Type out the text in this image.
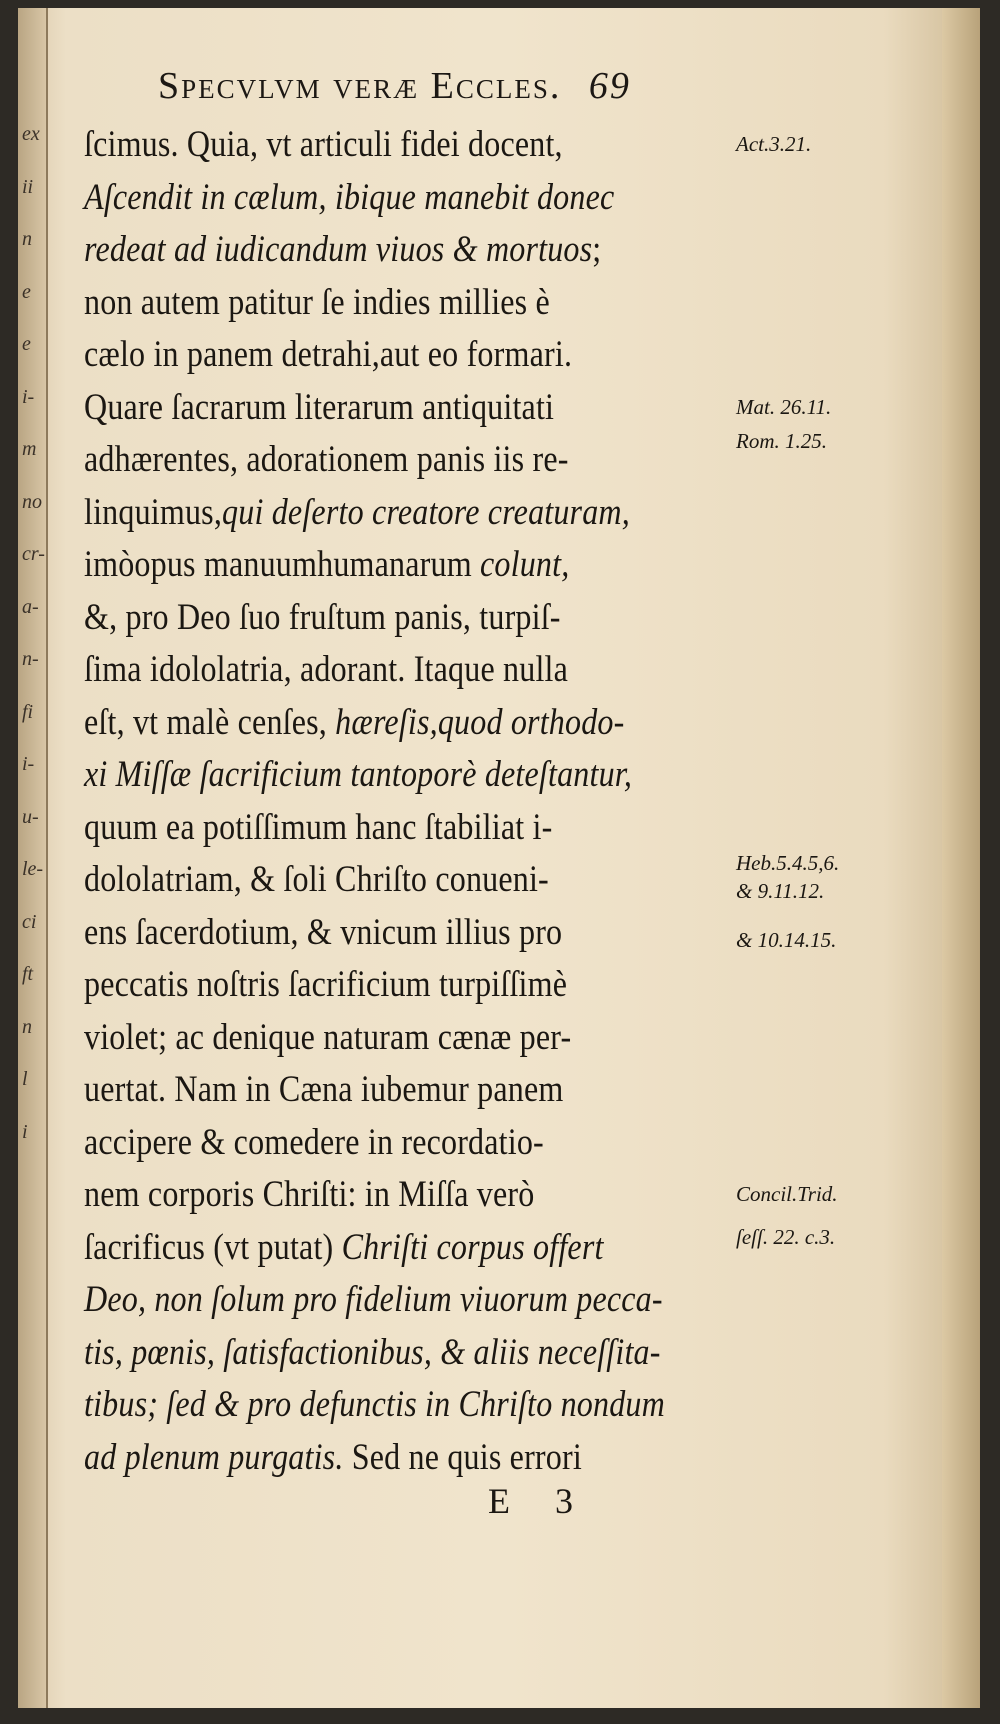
ex
ii
n
e
e
i-
m
no
cr-
a-
n-
fi
i-
u-
le-
ci
ft
n
l
i
Specvlvm veræ Eccles. 69
ſcimus. Quia, vt articuli fidei docent,
Aſcendit in cælum, ibique manebit donec
redeat ad iudicandum viuos & mortuos;
non autem patitur ſe indies millies è
cælo in panem detrahi,aut eo formari.
Quare ſacrarum literarum antiquitati
adhærentes, adorationem panis iis re-
linquimus,qui deſerto creatore creaturam,
imòopus manuumhumanarum colunt,
&, pro Deo ſuo fruſtum panis, turpiſ-
ſima idololatria, adorant. Itaque nulla
eſt, vt malè cenſes, hæreſis,quod orthodo-
xi Miſſæ ſacrificium tantoporè deteſtantur,
quum ea potiſſimum hanc ſtabiliat i-
dololatriam, & ſoli Chriſto conueni-
ens ſacerdotium, & vnicum illius pro
peccatis noſtris ſacrificium turpiſſimè
violet; ac denique naturam cænæ per-
uertat. Nam in Cæna iubemur panem
accipere & comedere in recordatio-
nem corporis Chriſti: in Miſſa verò
ſacrificus (vt putat) Chriſti corpus offert
Deo, non ſolum pro fidelium viuorum pecca-
tis, pœnis, ſatisfactionibus, & aliis neceſſita-
tibus; ſed & pro defunctis in Chriſto nondum
ad plenum purgatis. Sed ne quis errori
Act.3.21.
Mat. 26.11.
Rom. 1.25.
Heb.5.4.5,6.
& 9.11.12.
& 10.14.15.
Concil.Trid.
ſeſſ. 22. c.3.
E 3
